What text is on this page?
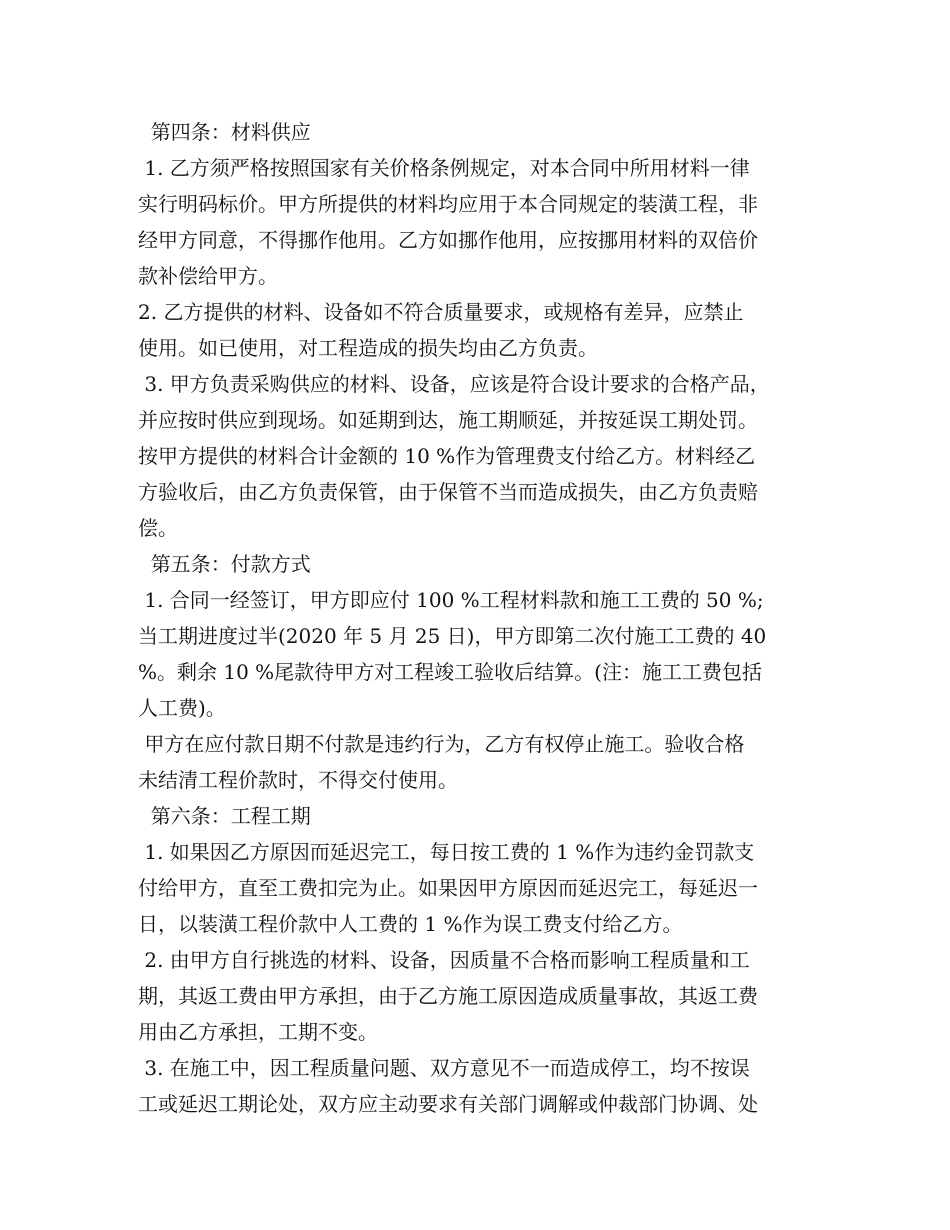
第四条：材料供应
1. 乙方须严格按照国家有关价格条例规定，对本合同中所用材料一律
实行明码标价。甲方所提供的材料均应用于本合同规定的装潢工程，非
经甲方同意，不得挪作他用。乙方如挪作他用，应按挪用材料的双倍价
款补偿给甲方。
2. 乙方提供的材料、设备如不符合质量要求，或规格有差异，应禁止
使用。如已使用，对工程造成的损失均由乙方负责。
3. 甲方负责采购供应的材料、设备，应该是符合设计要求的合格产品，
并应按时供应到现场。如延期到达，施工期顺延，并按延误工期处罚。
按甲方提供的材料合计金额的 10 %作为管理费支付给乙方。材料经乙
方验收后，由乙方负责保管，由于保管不当而造成损失，由乙方负责赔
偿。
第五条：付款方式
1. 合同一经签订，甲方即应付 100 %工程材料款和施工工费的 50 %;
当工期进度过半(2020 年 5 月 25 日)，甲方即第二次付施工工费的 40
%。剩余 10 %尾款待甲方对工程竣工验收后结算。(注：施工工费包括
人工费)。
甲方在应付款日期不付款是违约行为，乙方有权停止施工。验收合格
未结清工程价款时，不得交付使用。
第六条：工程工期
1. 如果因乙方原因而延迟完工，每日按工费的 1 %作为违约金罚款支
付给甲方，直至工费扣完为止。如果因甲方原因而延迟完工，每延迟一
日，以装潢工程价款中人工费的 1 %作为误工费支付给乙方。
2. 由甲方自行挑选的材料、设备，因质量不合格而影响工程质量和工
期，其返工费由甲方承担，由于乙方施工原因造成质量事故，其返工费
用由乙方承担，工期不变。
3. 在施工中，因工程质量问题、双方意见不一而造成停工，均不按误
工或延迟工期论处，双方应主动要求有关部门调解或仲裁部门协调、处
